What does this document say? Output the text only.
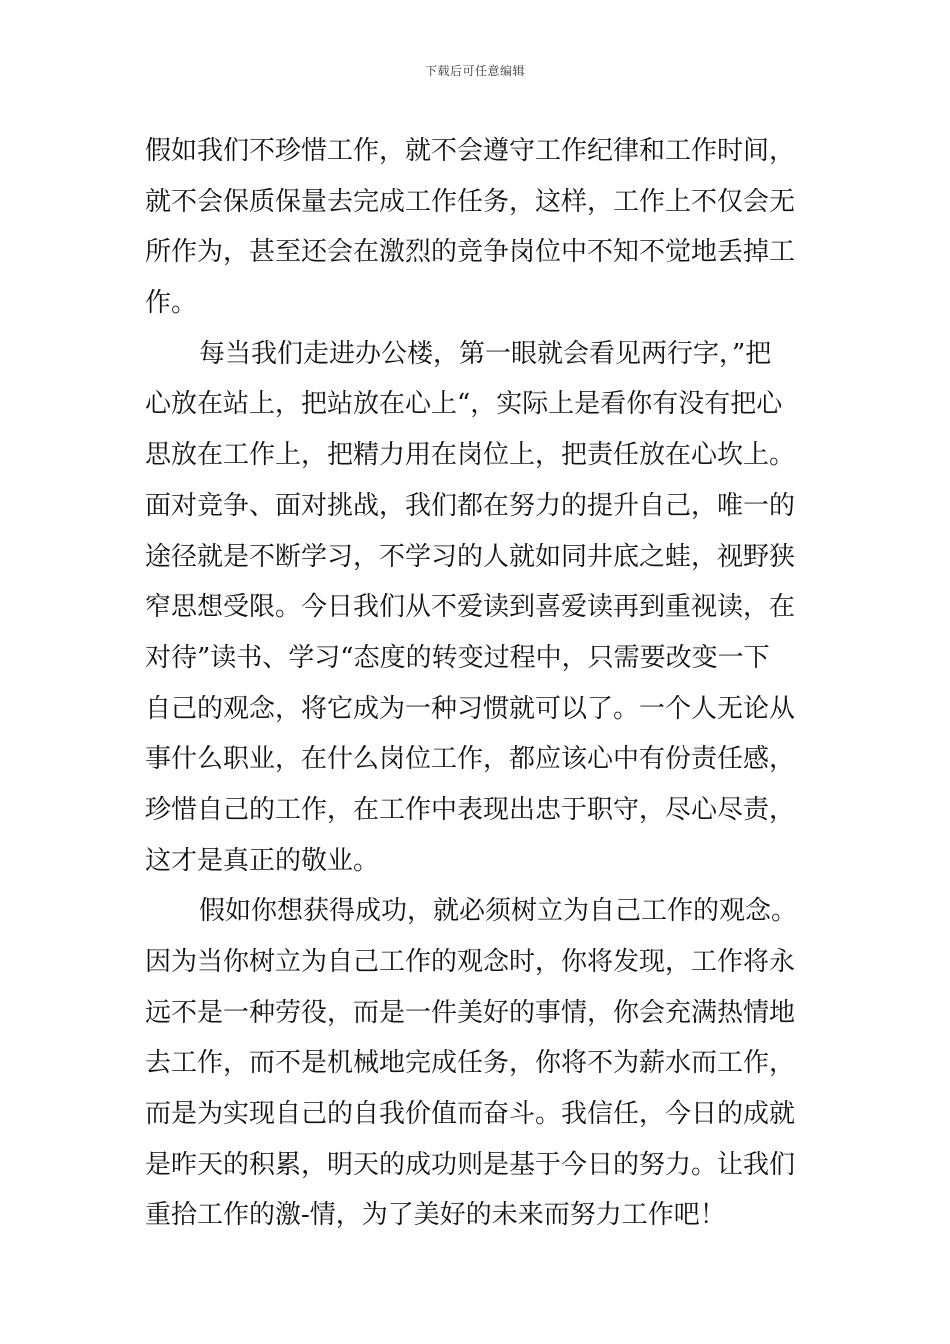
下载后可任意编辑
假如我们不珍惜工作，就不会遵守工作纪律和工作时间，
就不会保质保量去完成工作任务，这样，工作上不仅会无
所作为，甚至还会在激烈的竞争岗位中不知不觉地丢掉工
作。
每当我们走进办公楼，第一眼就会看见两行字，”把
心放在站上，把站放在心上“，实际上是看你有没有把心
思放在工作上，把精力用在岗位上，把责任放在心坎上。
面对竞争、面对挑战，我们都在努力的提升自己，唯一的
途径就是不断学习，不学习的人就如同井底之蛙，视野狭
窄思想受限。今日我们从不爱读到喜爱读再到重视读，在
对待”读书、学习“态度的转变过程中，只需要改变一下
自己的观念，将它成为一种习惯就可以了。一个人无论从
事什么职业，在什么岗位工作，都应该心中有份责任感，
珍惜自己的工作，在工作中表现出忠于职守，尽心尽责，
这才是真正的敬业。
假如你想获得成功，就必须树立为自己工作的观念。
因为当你树立为自己工作的观念时，你将发现，工作将永
远不是一种劳役，而是一件美好的事情，你会充满热情地
去工作，而不是机械地完成任务，你将不为薪水而工作，
而是为实现自己的自我价值而奋斗。我信任，今日的成就
是昨天的积累，明天的成功则是基于今日的努力。让我们
重拾工作的激-情，为了美好的未来而努力工作吧！
